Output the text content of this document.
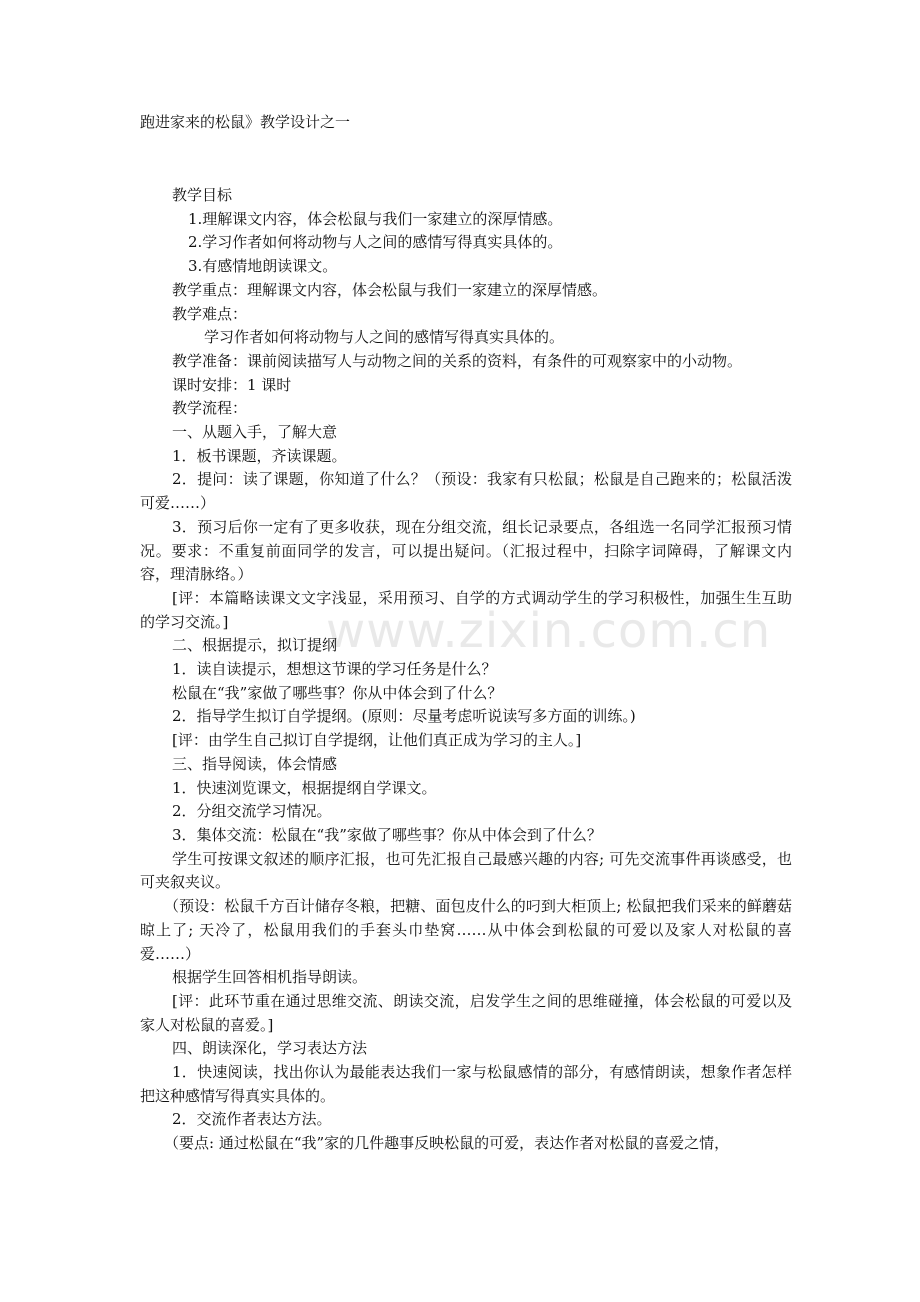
跑进家来的松鼠》教学设计之一
www.zixin.com.cn

教学目标

1.理解课文内容，体会松鼠与我们一家建立的深厚情感。

2.学习作者如何将动物与人之间的感情写得真实具体的。

3.有感情地朗读课文。

教学重点：理解课文内容，体会松鼠与我们一家建立的深厚情感。

教学难点：

学习作者如何将动物与人之间的感情写得真实具体的。

教学准备：课前阅读描写人与动物之间的关系的资料，有条件的可观察家中的小动物。

课时安排：1 课时

教学流程：

一、从题入手，了解大意

1．板书课题，齐读课题。

2．提问：读了课题，你知道了什么？（预设：我家有只松鼠；松鼠是自己跑来的；松鼠活泼可爱……）

3．预习后你一定有了更多收获，现在分组交流，组长记录要点，各组选一名同学汇报预习情况。要求：不重复前面同学的发言，可以提出疑问。（汇报过程中，扫除字词障碍，了解课文内容，理清脉络。）

[评：本篇略读课文文字浅显，采用预习、自学的方式调动学生的学习积极性，加强生生互助的学习交流。]

二、根据提示，拟订提纲

1．读自读提示，想想这节课的学习任务是什么？

松鼠在“我”家做了哪些事？你从中体会到了什么？

2．指导学生拟订自学提纲。(原则：尽量考虑听说读写多方面的训练。)

[评：由学生自己拟订自学提纲，让他们真正成为学习的主人。]

三、指导阅读，体会情感

1．快速浏览课文，根据提纲自学课文。

2．分组交流学习情况。

3．集体交流：松鼠在“我”家做了哪些事？你从中体会到了什么？

学生可按课文叙述的顺序汇报，也可先汇报自己最感兴趣的内容; 可先交流事件再谈感受，也可夹叙夹议。

（预设：松鼠千方百计储存冬粮，把糖、面包皮什么的叼到大柜顶上; 松鼠把我们采来的鲜蘑菇晾上了; 天冷了，松鼠用我们的手套头巾垫窝……从中体会到松鼠的可爱以及家人对松鼠的喜爱……）

根据学生回答相机指导朗读。

[评：此环节重在通过思维交流、朗读交流，启发学生之间的思维碰撞，体会松鼠的可爱以及家人对松鼠的喜爱。]

四、朗读深化，学习表达方法

1．快速阅读，找出你认为最能表达我们一家与松鼠感情的部分，有感情朗读，想象作者怎样把这种感情写得真实具体的。

2．交流作者表达方法。

（要点: 通过松鼠在“我”家的几件趣事反映松鼠的可爱，表达作者对松鼠的喜爱之情，
